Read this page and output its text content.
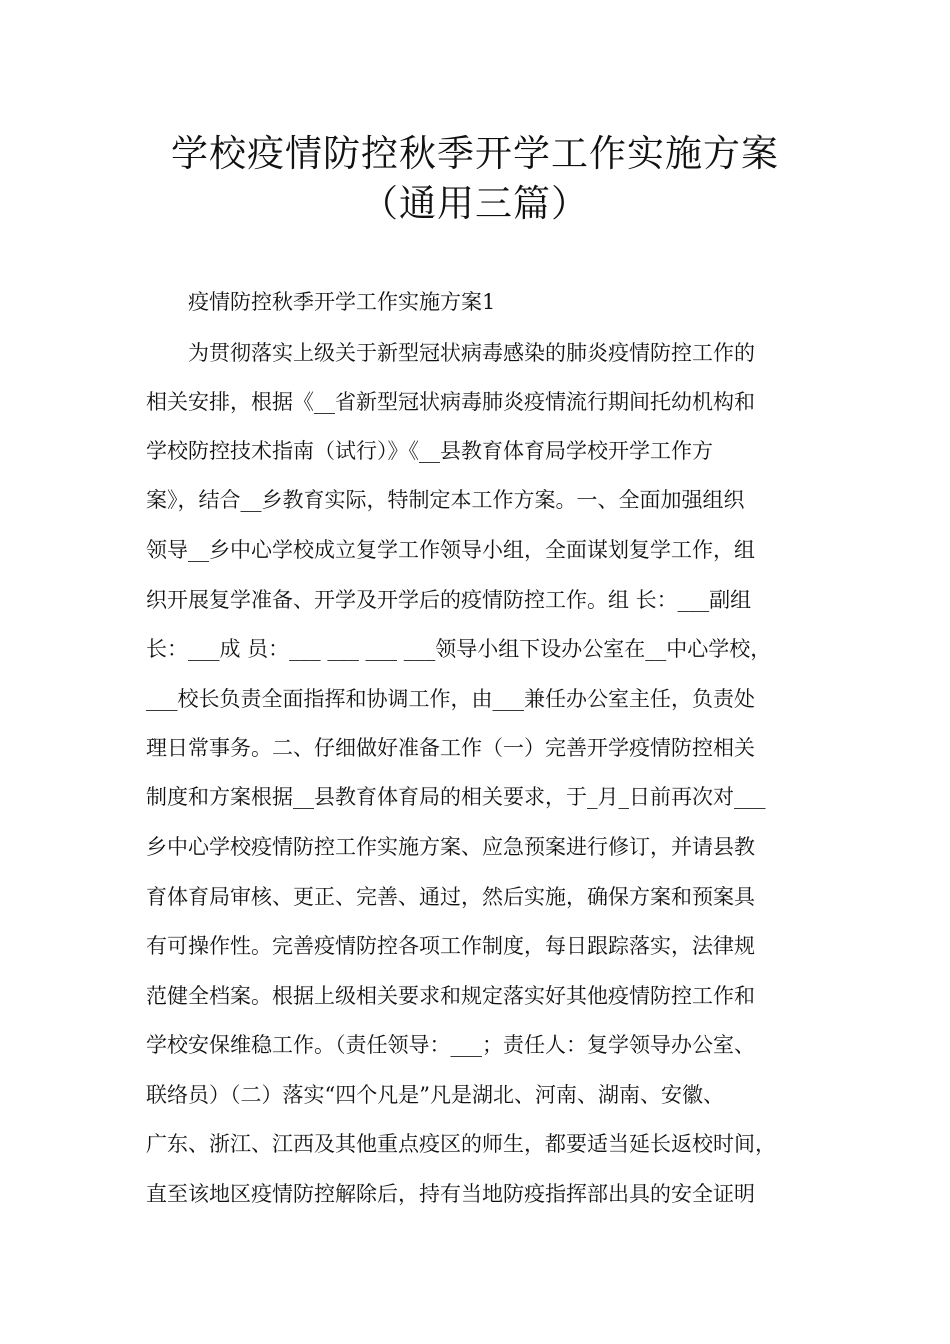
学校疫情防控秋季开学工作实施方案
（通用三篇）

疫情防控秋季开学工作实施方案1

为贯彻落实上级关于新型冠状病毒感染的肺炎疫情防控工作的

相关安排，根据《__省新型冠状病毒肺炎疫情流行期间托幼机构和

学校防控技术指南（试行）》《__县教育体育局学校开学工作方

案》，结合__乡教育实际，特制定本工作方案。一、全面加强组织

领导__乡中心学校成立复学工作领导小组，全面谋划复学工作，组

织开展复学准备、开学及开学后的疫情防控工作。组 长：___副组

长：___成 员：___ ___ ___ ___领导小组下设办公室在__中心学校，

___校长负责全面指挥和协调工作，由___兼任办公室主任，负责处

理日常事务。二、仔细做好准备工作（一）完善开学疫情防控相关

制度和方案根据__县教育体育局的相关要求，于_月_日前再次对___

乡中心学校疫情防控工作实施方案、应急预案进行修订，并请县教

育体育局审核、更正、完善、通过，然后实施，确保方案和预案具

有可操作性。完善疫情防控各项工作制度，每日跟踪落实，法律规

范健全档案。根据上级相关要求和规定落实好其他疫情防控工作和

学校安保维稳工作。（责任领导：___；责任人：复学领导办公室、

联络员）（二）落实“四个凡是”凡是湖北、河南、湖南、安徽、

广东、浙江、江西及其他重点疫区的师生，都要适当延长返校时间，

直至该地区疫情防控解除后，持有当地防疫指挥部出具的安全证明
